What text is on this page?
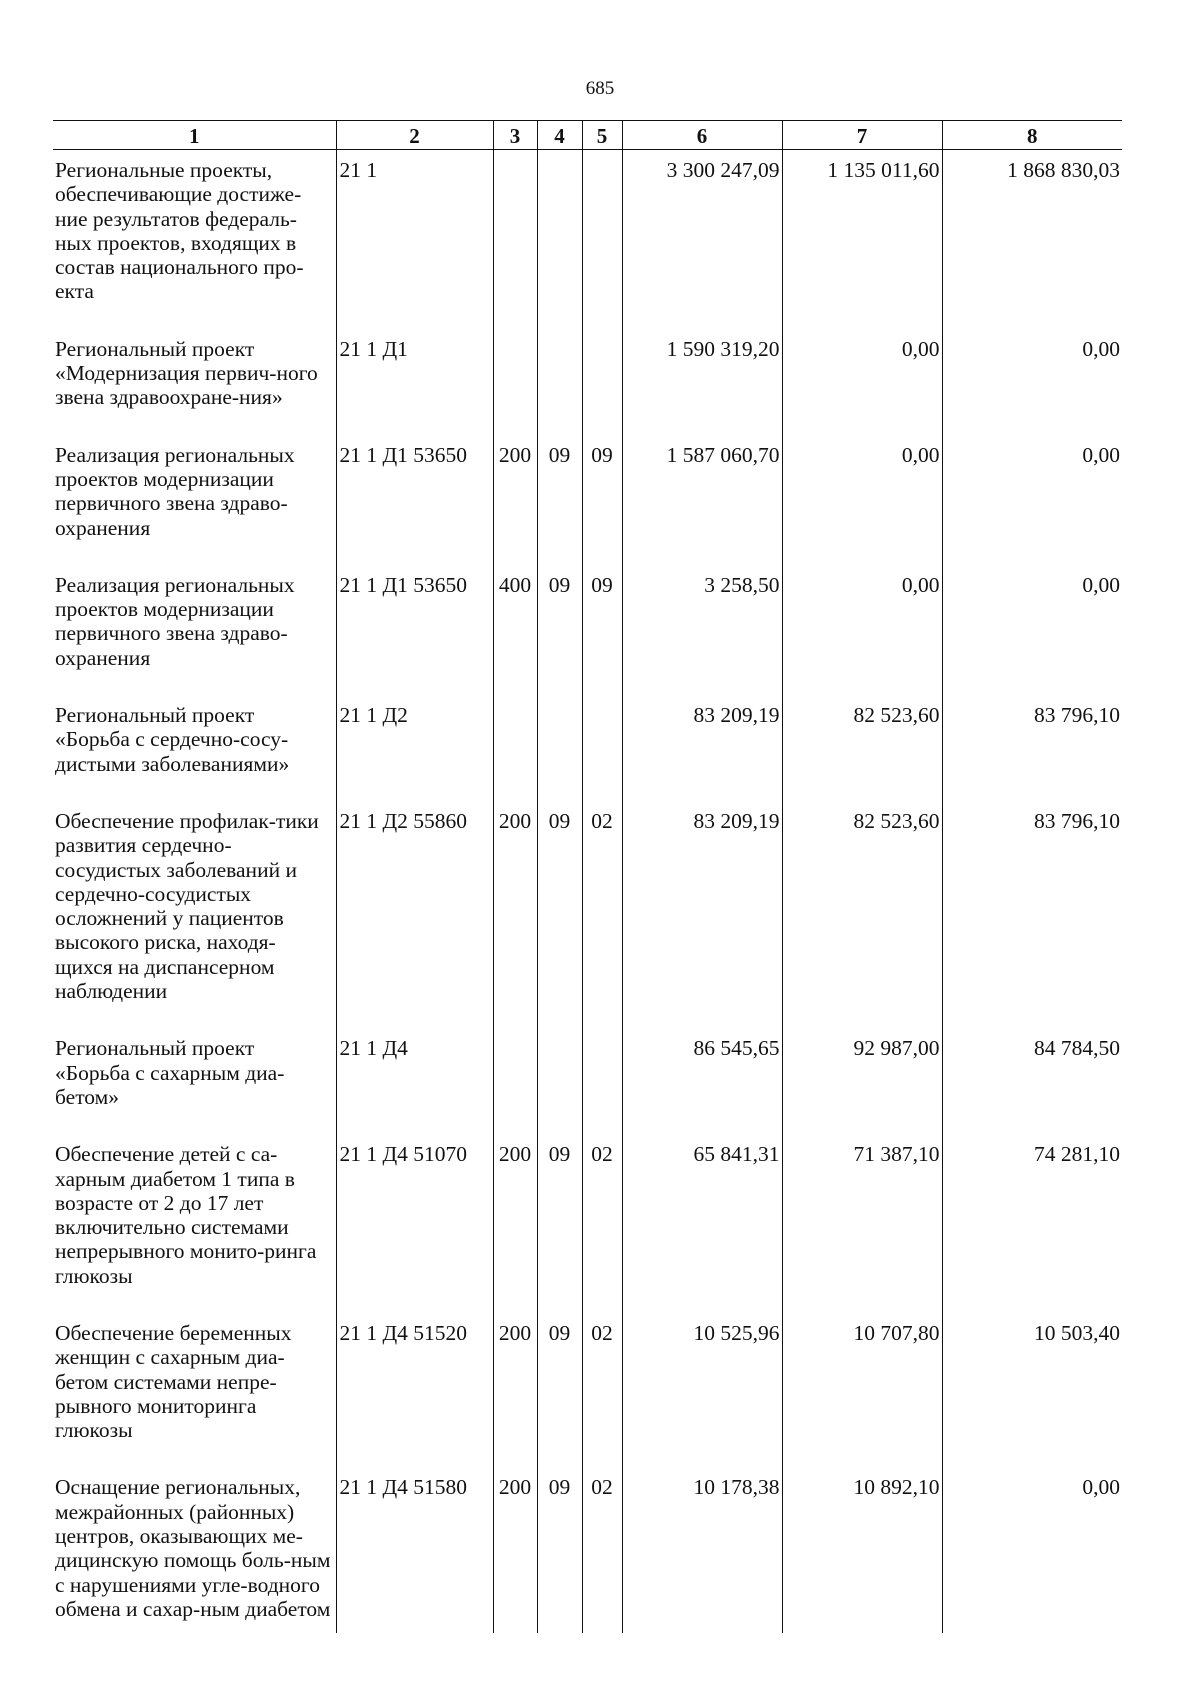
685
1	2	3	4	5	6	7	8
Региональные проекты, обеспечивающие достиже-ние результатов федераль-ных проектов, входящих в состав национального про-екта	21 1				3 300 247,09	1 135 011,60	1 868 830,03
Региональный проект «Модернизация первич-ного звена здравоохране-ния»	21 1 Д1				1 590 319,20	0,00	0,00
Реализация региональных проектов модернизации первичного звена здраво-охранения	21 1 Д1 53650	200	09	09	1 587 060,70	0,00	0,00
Реализация региональных проектов модернизации первичного звена здраво-охранения	21 1 Д1 53650	400	09	09	3 258,50	0,00	0,00
Региональный проект «Борьба с сердечно-сосу-дистыми заболеваниями»	21 1 Д2				83 209,19	82 523,60	83 796,10
Обеспечение профилак-тики развития сердечно-сосудистых заболеваний и сердечно-сосудистых осложнений у пациентов высокого риска, находя-щихся на диспансерном наблюдении	21 1 Д2 55860	200	09	02	83 209,19	82 523,60	83 796,10
Региональный проект «Борьба с сахарным диа-бетом»	21 1 Д4				86 545,65	92 987,00	84 784,50
Обеспечение детей с са-харным диабетом 1 типа в возрасте от 2 до 17 лет включительно системами непрерывного монито-ринга глюкозы	21 1 Д4 51070	200	09	02	65 841,31	71 387,10	74 281,10
Обеспечение беременных женщин с сахарным диа-бетом системами непре-рывного мониторинга глюкозы	21 1 Д4 51520	200	09	02	10 525,96	10 707,80	10 503,40
Оснащение региональных, межрайонных (районных) центров, оказывающих ме-дицинскую помощь боль-ным с нарушениями угле-водного обмена и сахар-ным диабетом	21 1 Д4 51580	200	09	02	10 178,38	10 892,10	0,00
